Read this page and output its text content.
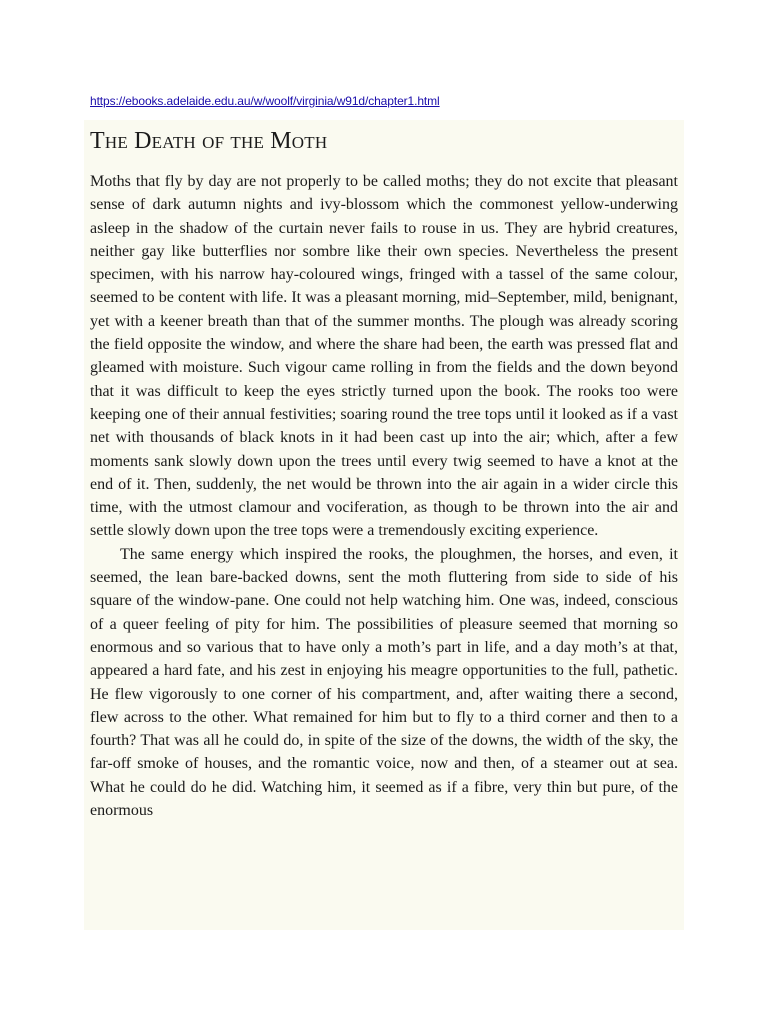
https://ebooks.adelaide.edu.au/w/woolf/virginia/w91d/chapter1.html
The Death of the Moth

Moths that fly by day are not properly to be called moths; they do not excite that pleasant sense of dark autumn nights and ivy-blossom which the commonest yellow-underwing asleep in the shadow of the curtain never fails to rouse in us. They are hybrid creatures, neither gay like butterflies nor sombre like their own species. Nevertheless the present specimen, with his narrow hay-coloured wings, fringed with a tassel of the same colour, seemed to be content with life. It was a pleasant morning, mid–September, mild, benignant, yet with a keener breath than that of the summer months. The plough was already scoring the field opposite the window, and where the share had been, the earth was pressed flat and gleamed with moisture. Such vigour came rolling in from the fields and the down beyond that it was difficult to keep the eyes strictly turned upon the book. The rooks too were keeping one of their annual festivities; soaring round the tree tops until it looked as if a vast net with thousands of black knots in it had been cast up into the air; which, after a few moments sank slowly down upon the trees until every twig seemed to have a knot at the end of it. Then, suddenly, the net would be thrown into the air again in a wider circle this time, with the utmost clamour and vociferation, as though to be thrown into the air and settle slowly down upon the tree tops were a tremendously exciting experience.

The same energy which inspired the rooks, the ploughmen, the horses, and even, it seemed, the lean bare-backed downs, sent the moth fluttering from side to side of his square of the window-pane. One could not help watching him. One was, indeed, conscious of a queer feeling of pity for him. The possibilities of pleasure seemed that morning so enormous and so various that to have only a moth’s part in life, and a day moth’s at that, appeared a hard fate, and his zest in enjoying his meagre opportunities to the full, pathetic. He flew vigorously to one corner of his compartment, and, after waiting there a second, flew across to the other. What remained for him but to fly to a third corner and then to a fourth? That was all he could do, in spite of the size of the downs, the width of the sky, the far-off smoke of houses, and the romantic voice, now and then, of a steamer out at sea. What he could do he did. Watching him, it seemed as if a fibre, very thin but pure, of the enormous
